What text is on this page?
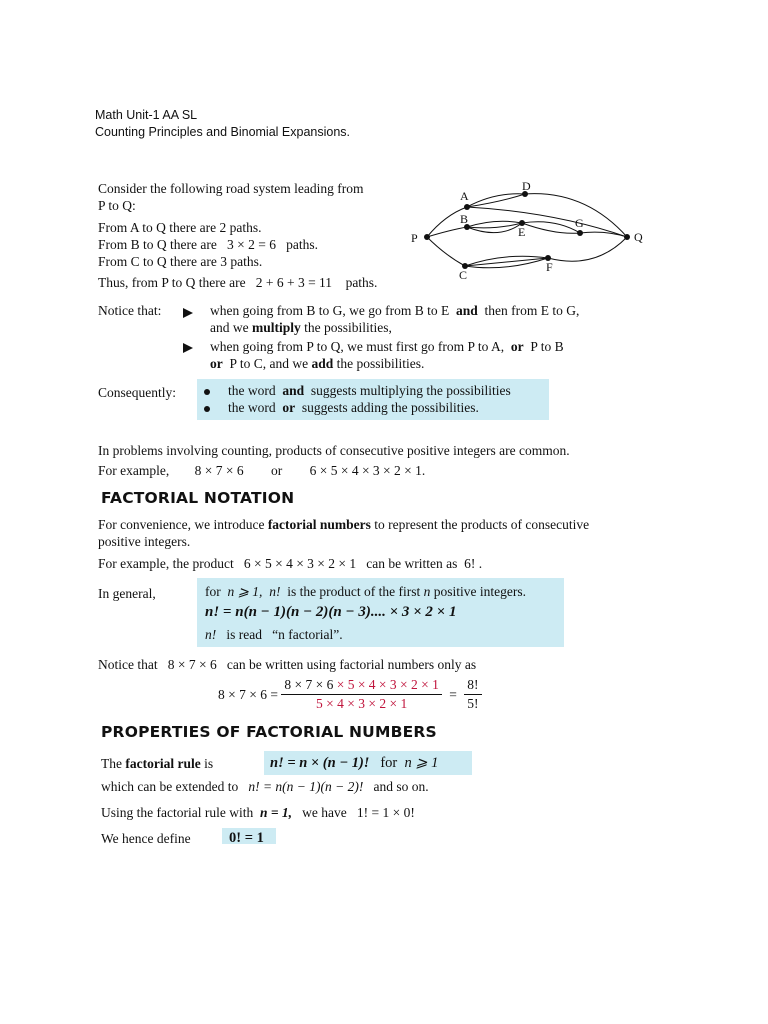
Math Unit-1 AA SL
Counting Principles and Binomial Expansions.
Consider the following road system leading from
P to Q:
From A to Q there are 2 paths.
From B to Q there are 3 × 2 = 6 paths.
From C to Q there are 3 paths.
Thus, from P to Q there are 2 + 6 + 3 = 11 paths.
P
A
B
C
D
E
F
G
Q
Notice that:	when going from B to G, we go from B to E and then from E to G,
and we multiply the possibilities,
when going from P to Q, we must first go from P to A, or P to B
or P to C, and we add the possibilities.
Consequently:	the word and suggests multiplying the possibilities
the word or suggests adding the possibilities.
In problems involving counting, products of consecutive positive integers are common.
For example, 8 × 7 × 6 or 6 × 5 × 4 × 3 × 2 × 1.
FACTORIAL NOTATION
For convenience, we introduce factorial numbers to represent the products of consecutive
positive integers.
For example, the product 6 × 5 × 4 × 3 × 2 × 1 can be written as 6! .
In general,	for n ⩾ 1, n! is the product of the first n positive integers.
n! = n(n − 1)(n − 2)(n − 3).... × 3 × 2 × 1
n! is read “n factorial”.
Notice that 8 × 7 × 6 can be written using factorial numbers only as
$8 \times 7 \times 6 = \frac{8 \times 7 \times 6 \times 5 \times 4 \times 3 \times 2 \times 1}{5 \times 4 \times 3 \times 2 \times 1} = \frac{8!}{5!}$
PROPERTIES OF FACTORIAL NUMBERS
The factorial rule is	n! = n × (n − 1)! for n ⩾ 1
which can be extended to n! = n(n − 1)(n − 2)! and so on.
Using the factorial rule with n = 1, we have 1! = 1 × 0!
We hence define	0! = 1
